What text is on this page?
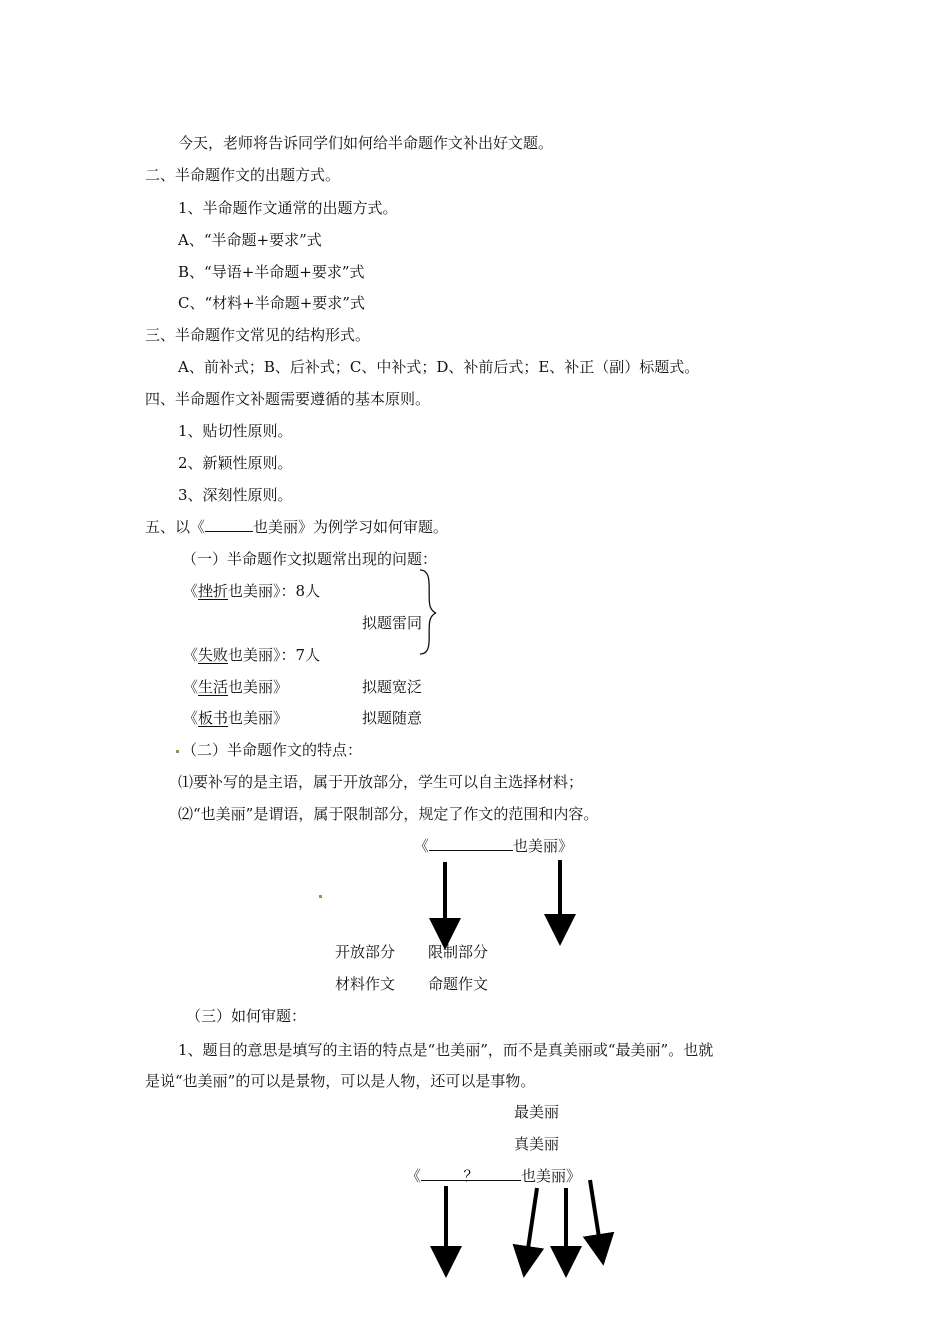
今天，老师将告诉同学们如何给半命题作文补出好文题。
二、半命题作文的出题方式。
1、半命题作文通常的出题方式。
A、“半命题+要求”式
B、“导语+半命题+要求”式
C、“材料+半命题+要求”式
三、半命题作文常见的结构形式。
A、前补式；B、后补式；C、中补式；D、补前后式；E、补正（副）标题式。
四、半命题作文补题需要遵循的基本原则。
1、贴切性原则。
2、新颖性原则。
3、深刻性原则。
五、以《	也美丽》为例学习如何审题。
（一）半命题作文拟题常出现的问题：
《挫折也美丽》：8人
拟题雷同
《失败也美丽》：7人
《生活也美丽》	拟题宽泛
《板书也美丽》	拟题随意
（二）半命题作文的特点：
⑴要补写的是主语，属于开放部分，学生可以自主选择材料；
⑵“也美丽”是谓语，属于限制部分，规定了作文的范围和内容。
《	也美丽》
开放部分 限制部分
材料作文 命题作文
（三）如何审题：
1、题目的意思是填写的主语的特点是“也美丽”，而不是真美丽或“最美丽”。也就
是说“也美丽”的可以是景物，可以是人物，还可以是事物。
最美丽
真美丽
《	？	也美丽》
